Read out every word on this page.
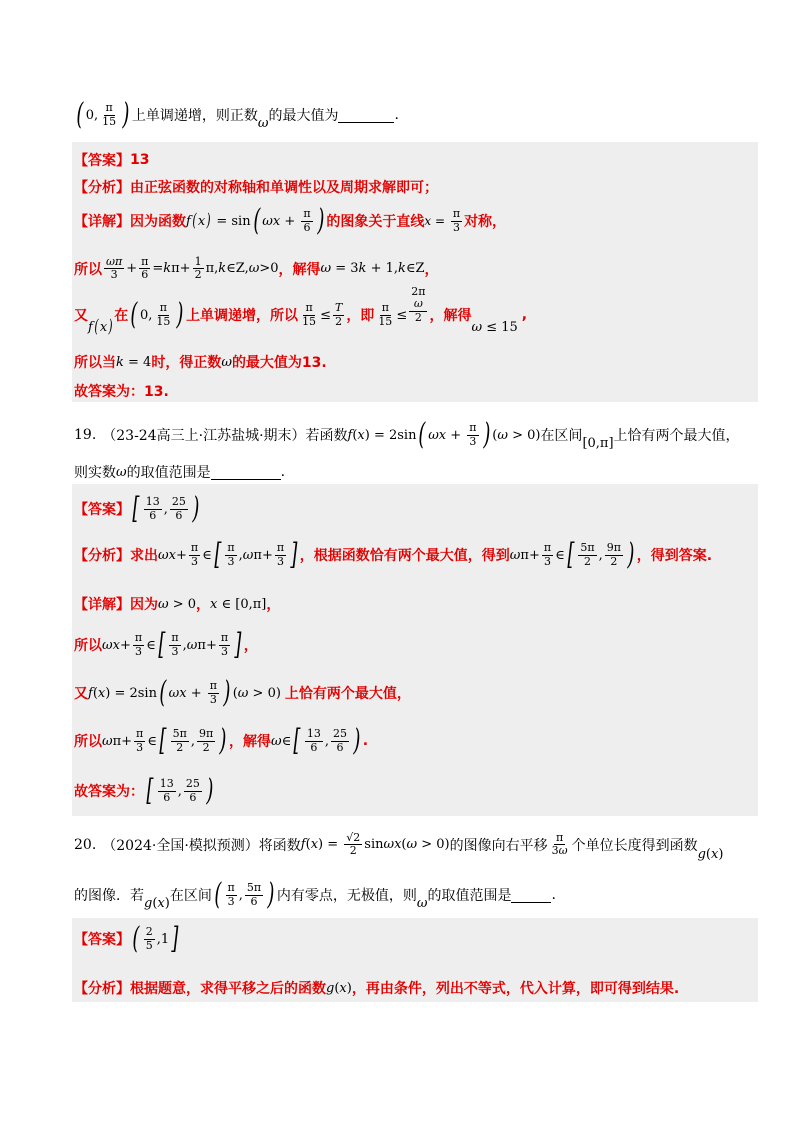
( 0, $\frac{\pi}{15}$ ) 上单调递增，则正数 ω 的最大值为	.
【答案】 13
【分析】 由正弦函数的对称轴和单调性以及周期求解即可；
【详解】 因为函数 f ( x ) = sin ( $\omega x + \frac{\pi}{6}$ ) 的图象关于直线 $x = \frac{\pi}{3}$ 对称，
所以 $\frac{\omega\pi}{3} + \frac{\pi}{6} = k$ $\pi+ \frac{1}{2} \pi$, k ∈Z, ω >0 ，解得 ω = 3 k + 1, k ∈Z ，
又
f ( x ) 在 ( 0, $\frac{\pi}{15}$ ) 上单调递增，所以 $\frac{\pi}{15} \le \frac{T}{2}$ ，即 $\frac{\pi}{15} \le 2\pi$
ω
2 ，解得
ω ≤ 15
,
所以当 k = 4 时，得正数 ω 的最大值为13.
故答案为：13.
19. （23-24高三上·江苏盐城·期末）若函数 f ( x ) = 2sin ( $\omega x + \frac{\pi}{3}$ ) ( ω > 0) 在区间 [0,π] 上恰有两个最大值，
则实数 ω 的取值范围是	.
【答案】 [ $\frac{13}{6}$ , $\frac{25}{6}$ )
【分析】 求出 $\omega x + \frac{\pi}{3}$ ∈ [ $\frac{\pi}{3}$ , ω $\pi+ \frac{\pi}{3}$ ] ，根据函数恰有两个最大值，得到 ω $\pi+ \frac{\pi}{3}$ ∈ [ $\frac{5\pi}{2}$ , $\frac{9\pi}{2}$ ) ，得到答案.
【详解】 因为 ω > 0 ， x ∈ [0,π] ，
所以 $\omega x + \frac{\pi}{3}$ ∈ [ $\frac{\pi}{3}$ , ω $\pi+ \frac{\pi}{3}$ ] ，
又 f ( x ) = 2sin ( $\omega x + \frac{\pi}{3}$ ) ( ω > 0) 上恰有两个最大值，
所以 ω $\pi+ \frac{\pi}{3}$ ∈ [ $\frac{5\pi}{2}$ , $\frac{9\pi}{2}$ ) ，解得 ω ∈ [ $\frac{13}{6}$ , $\frac{25}{6}$ ) .
故答案为： [ $\frac{13}{6}$ , $\frac{25}{6}$ )
20. （2024·全国·模拟预测）将函数 f ( x ) = $\frac{√2}{2}$ sin ωx ( ω > 0) 的图像向右平移 $\frac{\pi}{3\omega}$ 个单位长度得到函数
g ( x )
的图像．若 g ( x ) 在区间 ( $\frac{\pi}{3}$ , $\frac{5\pi}{6}$ ) 内有零点，无极值，则 ω 的取值范围是	.
【答案】 ( $\frac{2}{5} ,1$ ]
【分析】 根据题意，求得平移之后的函数 g ( x ) ，再由条件，列出不等式，代入计算，即可得到结果.
